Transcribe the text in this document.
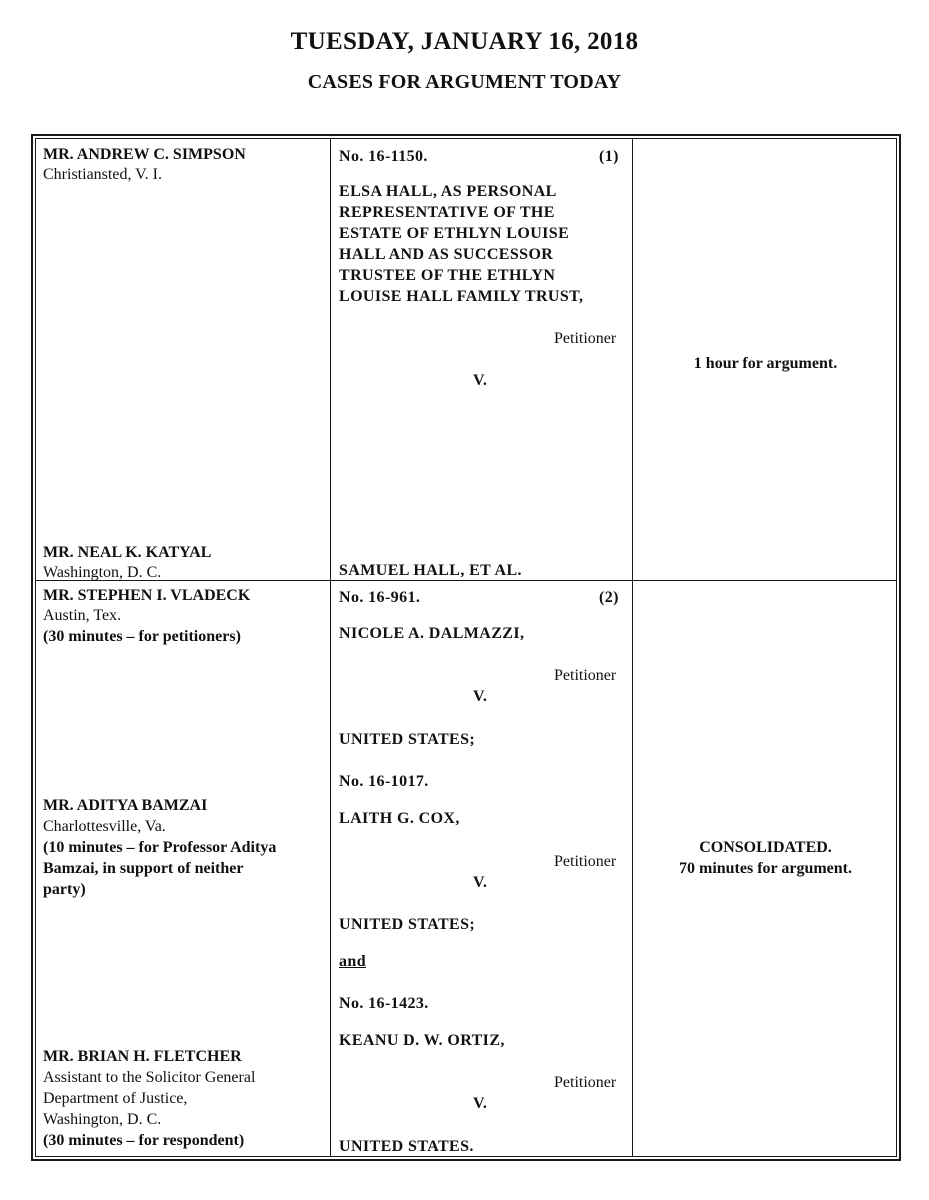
TUESDAY, JANUARY 16, 2018
CASES FOR ARGUMENT TODAY
MR. ANDREW C. SIMPSON
Christiansted, V. I.
MR. NEAL K. KATYAL
Washington, D. C.
No. 16-1150.	(1)
ELSA HALL, AS PERSONAL
REPRESENTATIVE OF THE
ESTATE OF ETHLYN LOUISE
HALL AND AS SUCCESSOR
TRUSTEE OF THE ETHLYN
LOUISE HALL FAMILY TRUST,
Petitioner
V.
SAMUEL HALL, ET AL.
1 hour for argument.
MR. STEPHEN I. VLADECK
Austin, Tex.
(30 minutes – for petitioners)
MR. ADITYA BAMZAI
Charlottesville, Va.
(10 minutes – for Professor Aditya
Bamzai, in support of neither
party)
MR. BRIAN H. FLETCHER
Assistant to the Solicitor General
Department of Justice,
Washington, D. C.
(30 minutes – for respondent)
No. 16-961.	(2)
NICOLE A. DALMAZZI,
Petitioner
V.
UNITED STATES;
No. 16-1017.
LAITH G. COX,
Petitioner
V.
UNITED STATES;
and
No. 16-1423.
KEANU D. W. ORTIZ,
Petitioner
V.
UNITED STATES.
CONSOLIDATED.
70 minutes for argument.
